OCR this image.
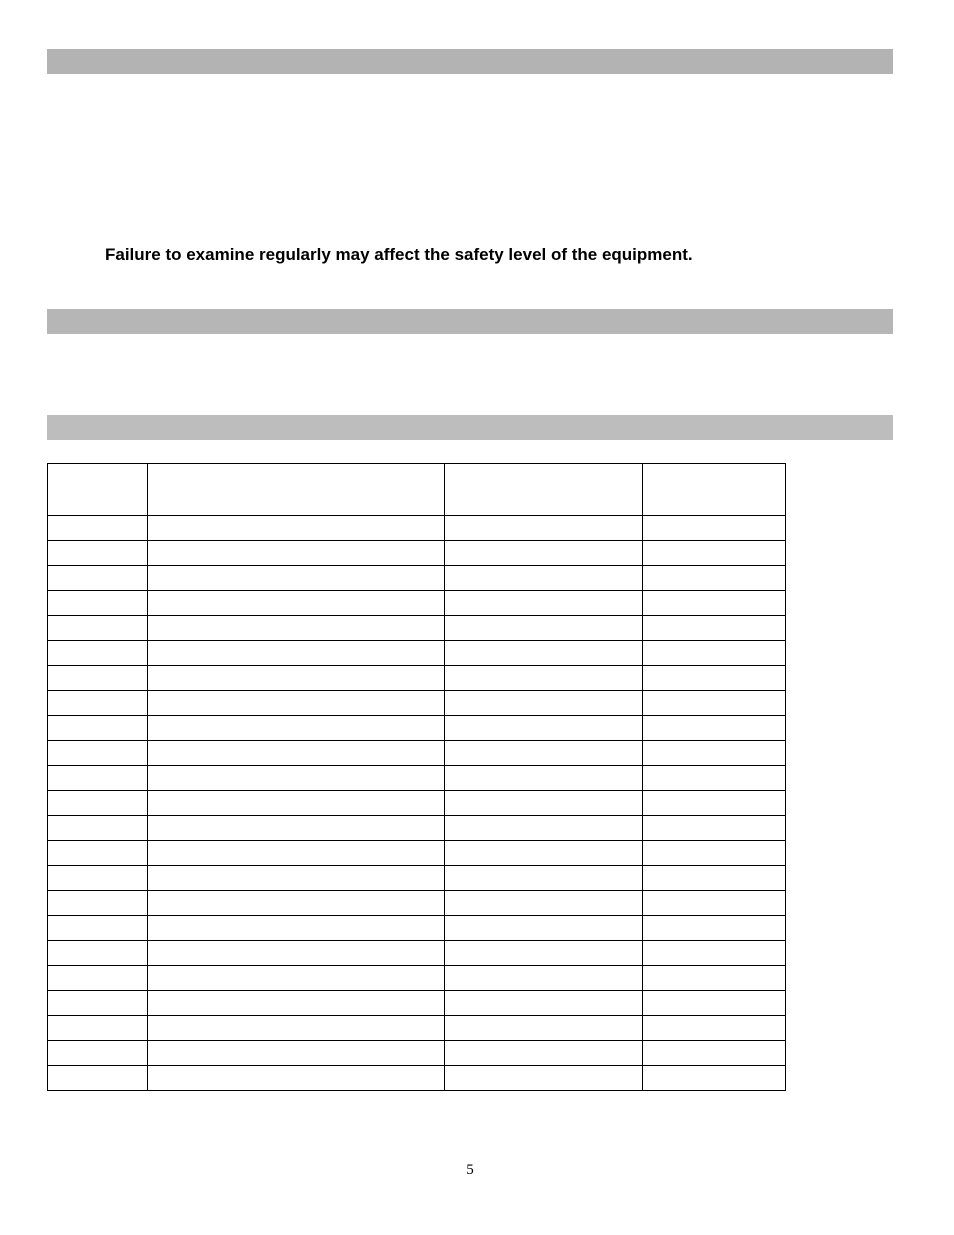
Failure to examine regularly may affect the safety level of the equipment.

5
